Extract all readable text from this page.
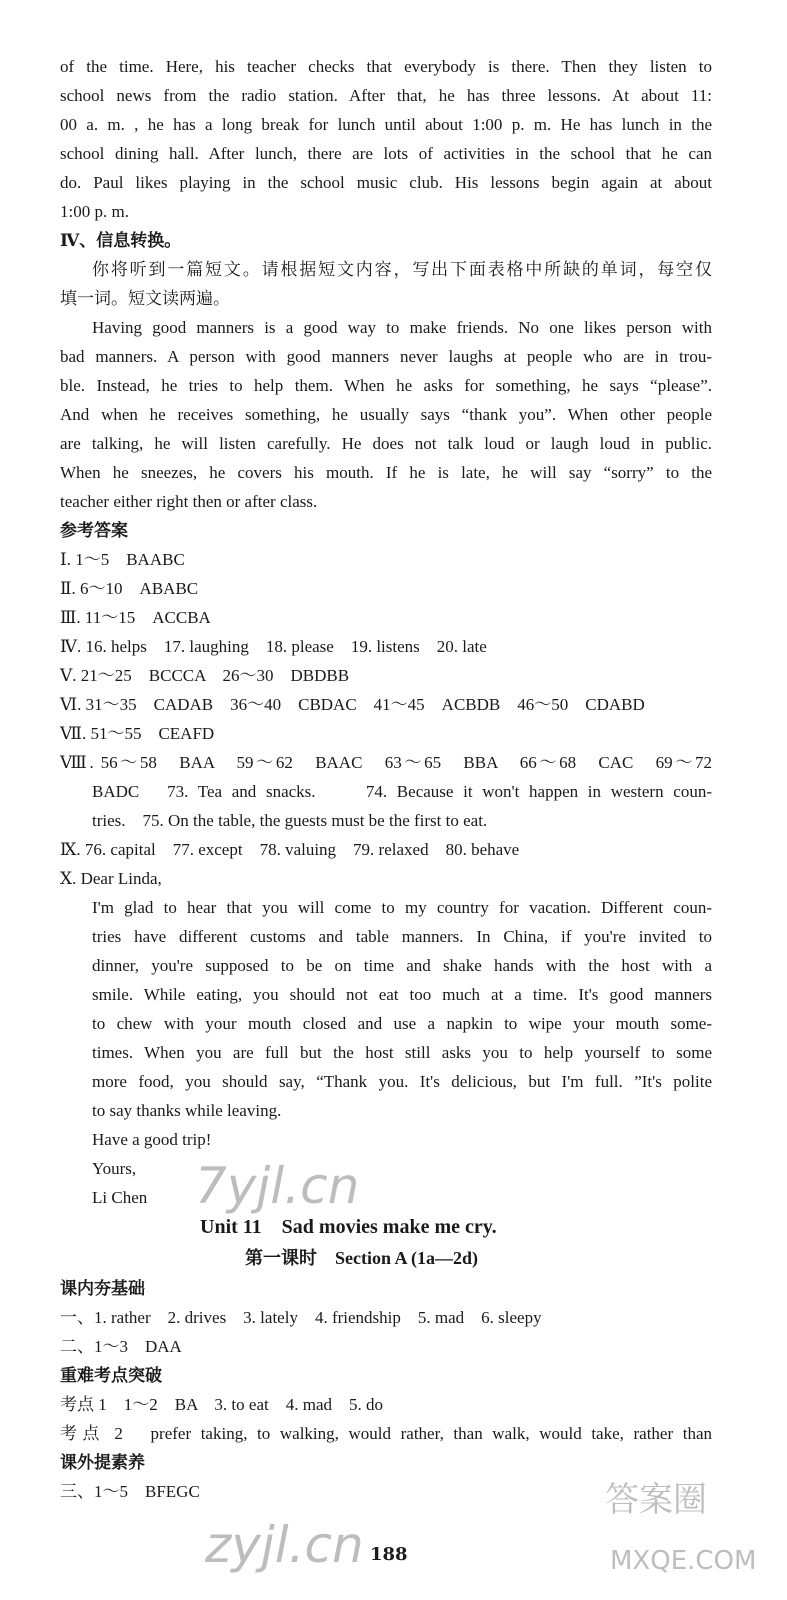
of the time. Here, his teacher checks that everybody is there. Then they listen to
school news from the radio station. After that, he has three lessons. At about 11:
00 a. m. , he has a long break for lunch until about 1:00 p. m. He has lunch in the
school dining hall. After lunch, there are lots of activities in the school that he can
do. Paul likes playing in the school music club. His lessons begin again at about
1:00 p. m.
Ⅳ、信息转换。
你将听到一篇短文。请根据短文内容，写出下面表格中所缺的单词，每空仅
填一词。短文读两遍。
Having good manners is a good way to make friends. No one likes person with
bad manners. A person with good manners never laughs at people who are in trou-
ble. Instead, he tries to help them. When he asks for something, he says “please”.
And when he receives something, he usually says “thank you”. When other people
are talking, he will listen carefully. He does not talk loud or laugh loud in public.
When he sneezes, he covers his mouth. If he is late, he will say “sorry” to the
teacher either right then or after class.
参考答案
Ⅰ. 1～5　BAABC
Ⅱ. 6～10　ABABC
Ⅲ. 11～15　ACCBA
Ⅳ. 16. helps　17. laughing　18. please　19. listens　20. late
Ⅴ. 21～25　BCCCA　26～30　DBDBB
Ⅵ. 31～35　CADAB　36～40　CBDAC　41～45　ACBDB　46～50　CDABD
Ⅶ. 51～55　CEAFD
Ⅷ. 56～58　BAA　59～62　BAAC　63～65　BBA　66～68　CAC　69～72
BADC　73. Tea and snacks.　　74. Because it won't happen in western coun-
tries.　75. On the table, the guests must be the first to eat.
Ⅸ. 76. capital　77. except　78. valuing　79. relaxed　80. behave
Ⅹ. Dear Linda,
I'm glad to hear that you will come to my country for vacation. Different coun-
tries have different customs and table manners. In China, if you're invited to
dinner, you're supposed to be on time and shake hands with the host with a
smile. While eating, you should not eat too much at a time. It's good manners
to chew with your mouth closed and use a napkin to wipe your mouth some-
times. When you are full but the host still asks you to help yourself to some
more food, you should say, “Thank you. It's delicious, but I'm full. ”It's polite
to say thanks while leaving.
Have a good trip!
Yours,
Li Chen 7yjl.cn
Unit 11　Sad movies make me cry.
第一课时　Section A (1a—2d)
课内夯基础
一、1. rather　2. drives　3. lately　4. friendship　5. mad　6. sleepy
二、1～3　DAA
重难考点突破
考点 1　1～2　BA　3. to eat　4. mad　5. do
考点 2　prefer taking, to walking, would rather, than walk, would take, rather than
课外提素养
三、1～5　BFEGC
zyjl.cn 188
答案圈
MXQE.COM
